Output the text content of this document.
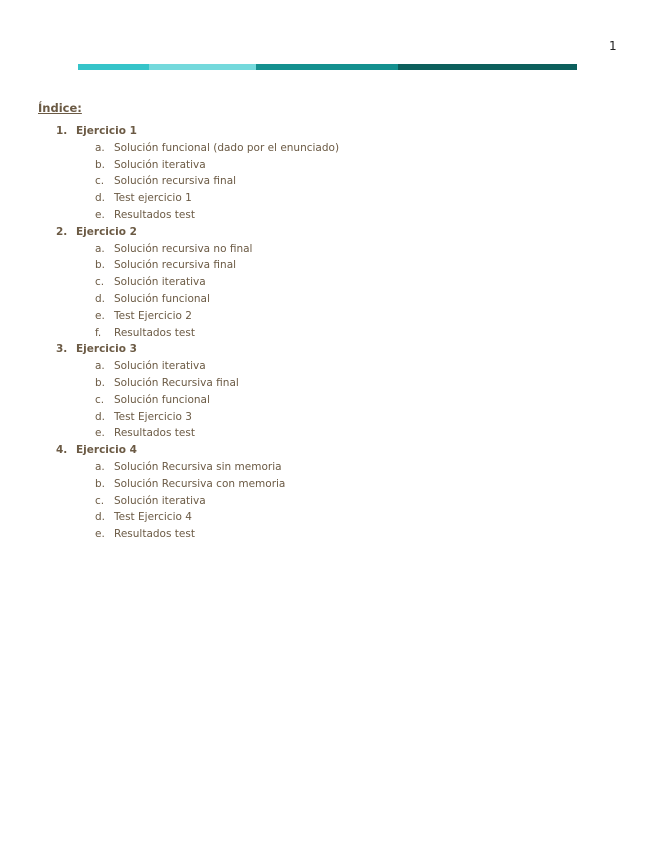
1
Índice:
1. Ejercicio 1
a. Solución funcional (dado por el enunciado)
b. Solución iterativa
c. Solución recursiva final
d. Test ejercicio 1
e. Resultados test
2. Ejercicio 2
a. Solución recursiva no final
b. Solución recursiva final
c. Solución iterativa
d. Solución funcional
e. Test Ejercicio 2
f. Resultados test
3. Ejercicio 3
a. Solución iterativa
b. Solución Recursiva final
c. Solución funcional
d. Test Ejercicio 3
e. Resultados test
4. Ejercicio 4
a. Solución Recursiva sin memoria
b. Solución Recursiva con memoria
c. Solución iterativa
d. Test Ejercicio 4
e. Resultados test
